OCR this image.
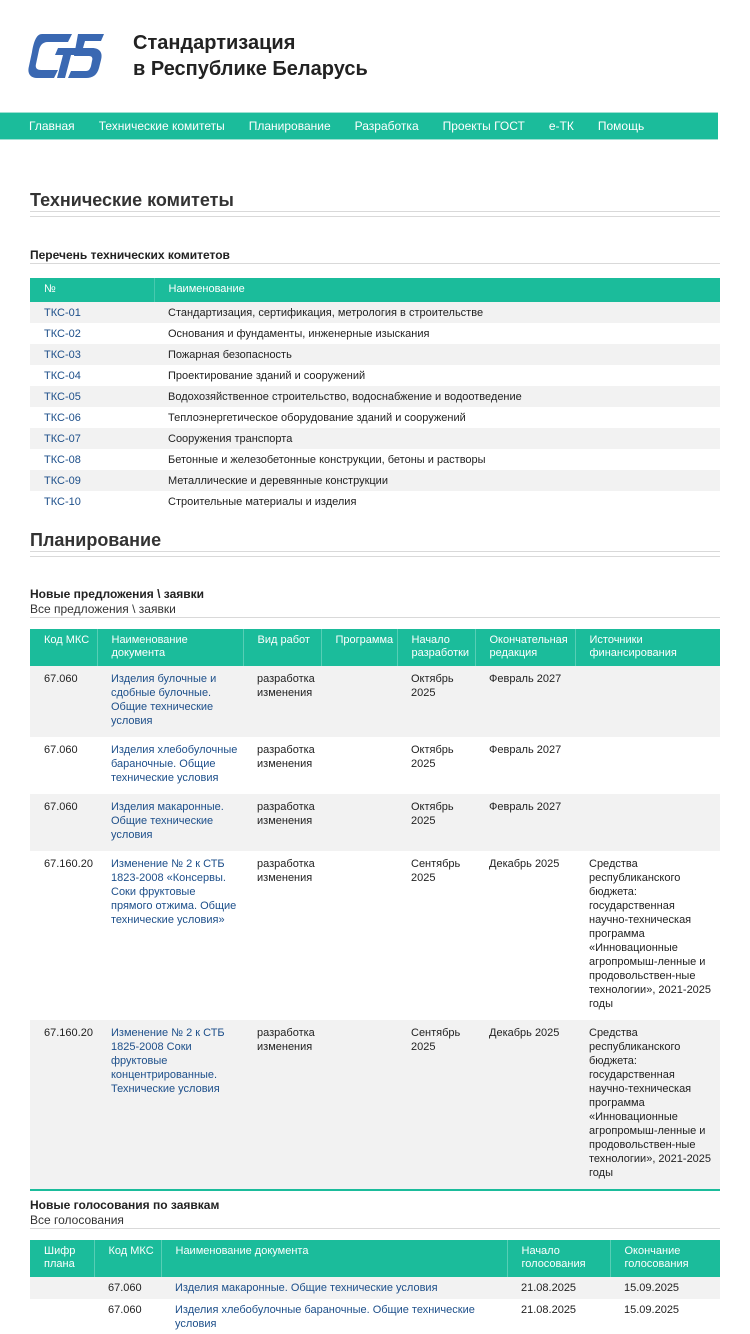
Стандартизация
в Республике Беларусь
Главная	Технические комитеты	Планирование	Разработка	Проекты ГОСТ	е-ТК	Помощь
Технические комитеты
Перечень технических комитетов
№	Наименование
ТКС-01	Стандартизация, сертификация, метрология в строительстве
ТКС-02	Основания и фундаменты, инженерные изыскания
ТКС-03	Пожарная безопасность
ТКС-04	Проектирование зданий и сооружений
ТКС-05	Водохозяйственное строительство, водоснабжение и водоотведение
ТКС-06	Теплоэнергетическое оборудование зданий и сооружений
ТКС-07	Сооружения транспорта
ТКС-08	Бетонные и железобетонные конструкции, бетоны и растворы
ТКС-09	Металлические и деревянные конструкции
ТКС-10	Строительные материалы и изделия
Планирование
Новые предложения \ заявки
Все предложения \ заявки
Код МКС	Наименование документа	Вид работ	Программа	Начало разработки	Окончательная редакция	Источники финансирования
67.060	Изделия булочные и сдобные булочные. Общие технические условия	разработка изменения		Октябрь 2025	Февраль 2027	
67.060	Изделия хлебобулочные бараночные. Общие технические условия	разработка изменения		Октябрь 2025	Февраль 2027	
67.060	Изделия макаронные. Общие технические условия	разработка изменения		Октябрь 2025	Февраль 2027	
67.160.20	Изменение № 2 к СТБ 1823-2008 «Консервы. Соки фруктовые прямого отжима. Общие технические условия»	разработка изменения		Сентябрь 2025	Декабрь 2025	Средства республиканского бюджета: государственная научно-техническая программа «Инновационные агропромыш-ленные и продовольствен-ные технологии», 2021-2025 годы
67.160.20	Изменение № 2 к СТБ 1825-2008 Соки фруктовые концентрированные. Технические условия	разработка изменения		Сентябрь 2025	Декабрь 2025	Средства республиканского бюджета: государственная научно-техническая программа «Инновационные агропромыш-ленные и продовольствен-ные технологии», 2021-2025 годы
Новые голосования по заявкам
Все голосования
Шифр плана	Код МКС	Наименование документа	Начало голосования	Окончание голосования
	67.060	Изделия макаронные. Общие технические условия	21.08.2025	15.09.2025
	67.060	Изделия хлебобулочные бараночные. Общие технические условия	21.08.2025	15.09.2025
